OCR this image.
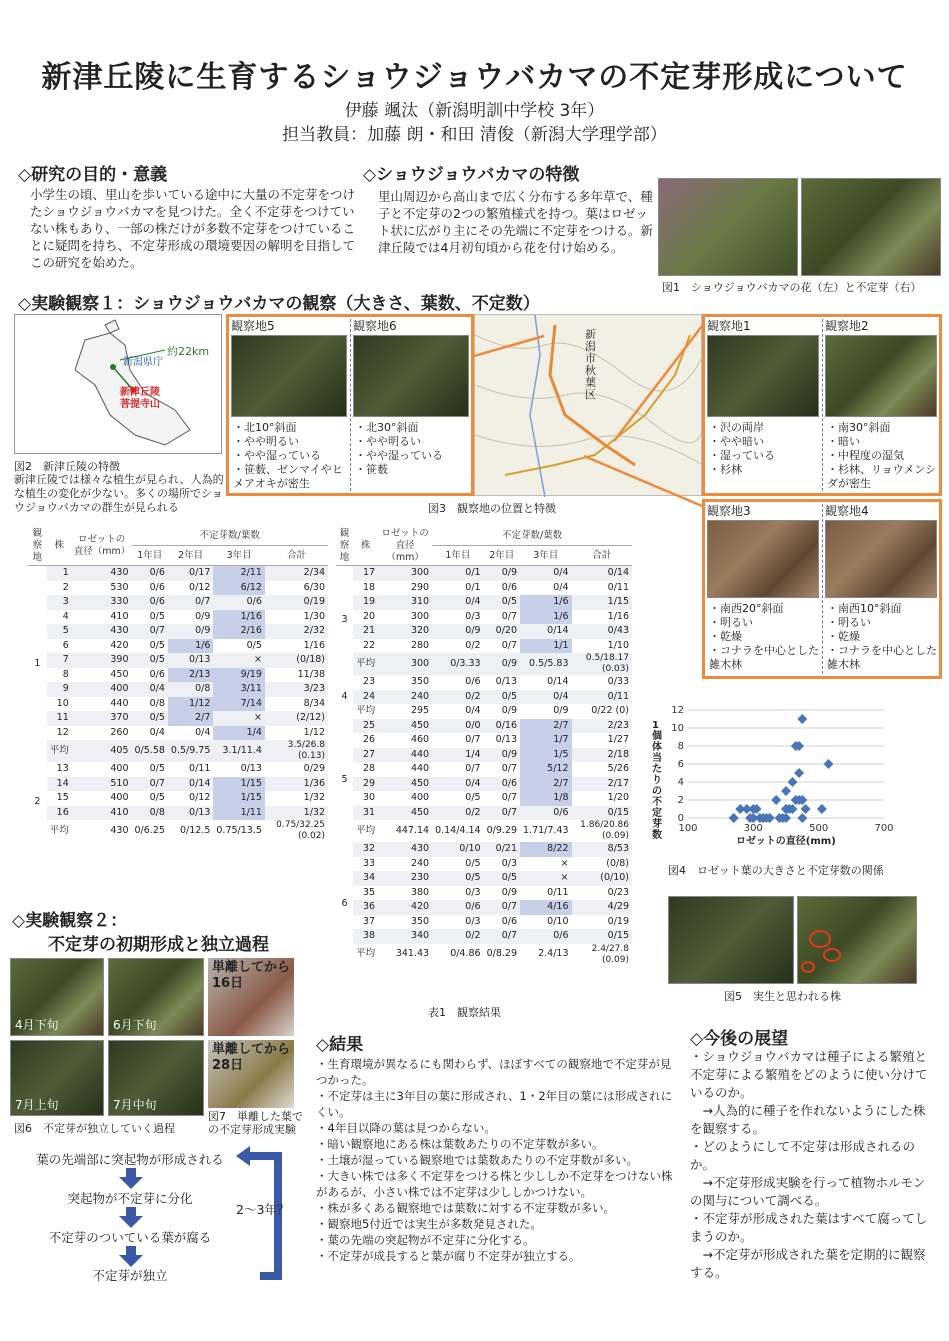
新津丘陵に生育するショウジョウバカマの不定芽形成について
伊藤 颯汰（新潟明訓中学校 3年）
担当教員：加藤 朗・和田 清俊（新潟大学理学部）
◇研究の目的・意義
小学生の頃、里山を歩いている途中に大量の不定芽をつけたショウジョウバカマを見つけた。全く不定芽をつけていない株もあり、一部の株だけが多数不定芽をつけていることに疑問を持ち、不定芽形成の環境要因の解明を目指してこの研究を始めた。
◇ショウジョウバカマの特徴
里山周辺から高山まで広く分布する多年草で、種子と不定芽の2つの繁殖様式を持つ。葉はロゼット状に広がり主にその先端に不定芽をつける。新津丘陵では4月初旬頃から花を付け始める。
図1　ショウジョウバカマの花（左）と不定芽（右）
◇実験観察１：ショウジョウバカマの観察（大きさ、葉数、不定数）
新潟県庁
約22km
新津丘陵
菩提寺山
図2　新津丘陵の特徴
新津丘陵では様々な植生が見られ、人為的な植生の変化が少ない。多くの場所でショウジョウバカマの群生が見られる
観察地5
・北10°斜面
・やや明るい
・やや湿っている
・笹薮、ゼンマイやヒメアオキが密生
観察地6
・北30°斜面
・やや明るい
・やや湿っている
・笹薮
新潟市秋葉区
図3　観察地の位置と特徴
観察地1
・沢の両岸
・やや暗い
・湿っている
・杉林
観察地2
・南30°斜面
・暗い
・中程度の湿気
・杉林、リョウメンシダが密生
観察地3
・南西20°斜面
・明るい
・乾燥
・コナラを中心とした雑木林
観察地4
・南西10°斜面
・明るい
・乾燥
・コナラを中心とした雑木林
観察地	株	ロゼットの直径（mm）	不定芽数/葉数			
			1年目	2年目	3年目	合計
1	1	430	0/6	0/17	2/11	2/34
	2	530	0/6	0/12	6/12	6/30
	3	330	0/6	0/7	0/6	0/19
	4	410	0/5	0/9	1/16	1/30
	5	430	0/7	0/9	2/16	2/32
	6	420	0/5	1/6	0/5	1/16
	7	390	0/5	0/13	×	(0/18)
	8	450	0/6	2/13	9/19	11/38
	9	400	0/4	0/8	3/11	3/23
	10	440	0/8	1/12	7/14	8/34
	11	370	0/5	2/7	×	(2/12)
	12	260	0/4	0/4	1/4	1/12
	平均	405	0/5.58	0.5/9.75	3.1/11.4	3.5/26.8 (0.13)
2	13	400	0/5	0/11	0/13	0/29
	14	510	0/7	0/14	1/15	1/36
	15	400	0/5	0/12	1/15	1/32
	16	410	0/8	0/13	1/11	1/32
	平均	430	0/6.25	0/12.5	0.75/13.5	0.75/32.25 (0.02)
観察地	株	ロゼットの直径（mm）	不定芽数/葉数			
			1年目	2年目	3年目	合計
3	17	300	0/1	0/9	0/4	0/14
	18	290	0/1	0/6	0/4	0/11
	19	310	0/4	0/5	1/6	1/15
	20	300	0/3	0/7	1/6	1/16
	21	320	0/9	0/20	0/14	0/43
	22	280	0/2	0/7	1/1	1/10
	平均	300	0/3.33	0/9	0.5/5.83	0.5/18.17 (0.03)
4	23	350	0/6	0/13	0/14	0/33
	24	240	0/2	0/5	0/4	0/11
	平均	295	0/4	0/9	0/9	0/22 (0)
5	25	450	0/0	0/16	2/7	2/23
	26	460	0/7	0/13	1/7	1/27
	27	440	1/4	0/9	1/5	2/18
	28	440	0/7	0/7	5/12	5/26
	29	450	0/4	0/6	2/7	2/17
	30	400	0/5	0/7	1/8	1/20
	31	450	0/2	0/7	0/6	0/15
	平均	447.14	0.14/4.14	0/9.29	1.71/7.43	1.86/20.86 (0.09)
6	32	430	0/10	0/21	8/22	8/53
	33	240	0/5	0/3	×	(0/8)
	34	230	0/5	0/5	×	(0/10)
	35	380	0/3	0/9	0/11	0/23
	36	420	0/6	0/7	4/16	4/29
	37	350	0/3	0/6	0/10	0/19
	38	340	0/2	0/7	0/6	0/15
	平均	341.43	0/4.86	0/8.29	2.4/13	2.4/27.8 (0.09)
表1　観察結果
1個体当たりの不定芽数
0
2
4
6
8
10
12
100	300	500	700
ロゼットの直径(mm)
図4　ロゼット葉の大きさと不定芽数の関係
図5　実生と思われる株
◇実験観察２：
不定芽の初期形成と独立過程
4月下旬	6月下旬
7月上旬	7月中旬
単離してから16日
単離してから28日
図6　不定芽が独立していく過程
図7　単離した葉での不定芽形成実験
葉の先端部に突起物が形成される
突起物が不定芽に分化
不定芽のついている葉が腐る
不定芽が独立
2～3年？
◇結果
・生育環境が異なるにも関わらず、ほぼすべての観察地で不定芽が見つかった。
・不定芽は主に3年目の葉に形成され、1・2年目の葉には形成されにくい。
・4年目以降の葉は見つからない。
・暗い観察地にある株は葉数あたりの不定芽数が多い。
・土壌が湿っている観察地では葉数あたりの不定芽数が多い。
・大きい株では多く不定芽をつける株と少ししか不定芽をつけない株があるが、小さい株では不定芽は少ししかつけない。
・株が多くある観察地では葉数に対する不定芽数が多い。
・観察地5付近では実生が多数発見された。
・葉の先端の突起物が不定芽に分化する。
・不定芽が成長すると葉が腐り不定芽が独立する。
◇今後の展望
・ショウジョウバカマは種子による繁殖と不定芽による繁殖をどのように使い分けているのか。
　→人為的に種子を作れないようにした株を観察する。
・どのようにして不定芽は形成されるのか。
　→不定芽形成実験を行って植物ホルモンの関与について調べる。
・不定芽が形成された葉はすべて腐ってしまうのか。
　→不定芽が形成された葉を定期的に観察する。
